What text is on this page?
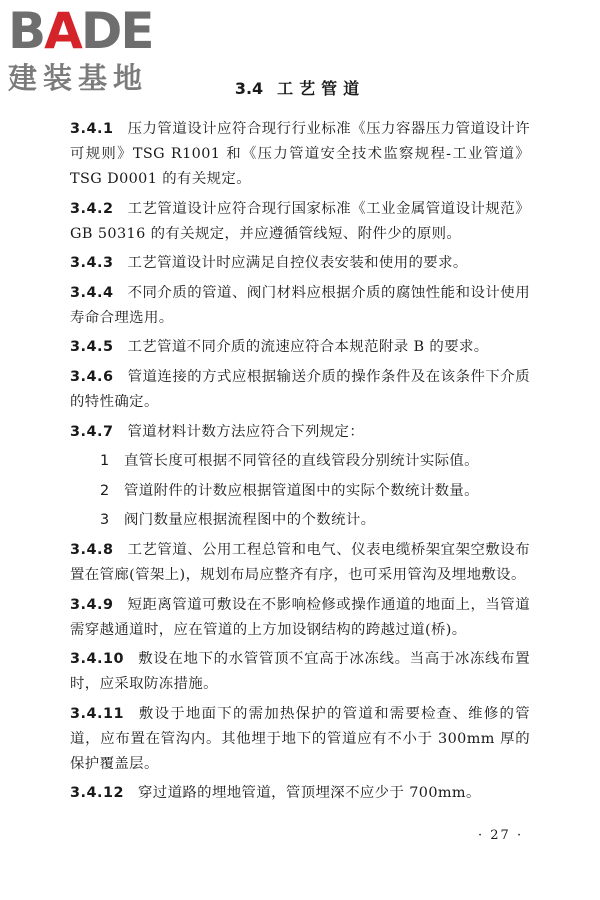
BADE
建装基地	3.4 工艺管道

3.4.1 压力管道设计应符合现行行业标准《压力容器压力管道设计许可规则》TSG R1001 和《压力管道安全技术监察规程-工业管道》TSG D0001 的有关规定。

3.4.2 工艺管道设计应符合现行国家标准《工业金属管道设计规范》GB 50316 的有关规定，并应遵循管线短、附件少的原则。

3.4.3 工艺管道设计时应满足自控仪表安装和使用的要求。

3.4.4 不同介质的管道、阀门材料应根据介质的腐蚀性能和设计使用寿命合理选用。

3.4.5 工艺管道不同介质的流速应符合本规范附录 B 的要求。

3.4.6 管道连接的方式应根据输送介质的操作条件及在该条件下介质的特性确定。

3.4.7 管道材料计数方法应符合下列规定：

1 直管长度可根据不同管径的直线管段分别统计实际值。

2 管道附件的计数应根据管道图中的实际个数统计数量。

3 阀门数量应根据流程图中的个数统计。

3.4.8 工艺管道、公用工程总管和电气、仪表电缆桥架宜架空敷设布置在管廊(管架上)，规划布局应整齐有序，也可采用管沟及埋地敷设。

3.4.9 短距离管道可敷设在不影响检修或操作通道的地面上，当管道需穿越通道时，应在管道的上方加设钢结构的跨越过道(桥)。

3.4.10 敷设在地下的水管管顶不宜高于冰冻线。当高于冰冻线布置时，应采取防冻措施。

3.4.11 敷设于地面下的需加热保护的管道和需要检查、维修的管道，应布置在管沟内。其他埋于地下的管道应有不小于 300mm 厚的保护覆盖层。

3.4.12 穿过道路的埋地管道，管顶埋深不应少于 700mm。

· 27 ·
